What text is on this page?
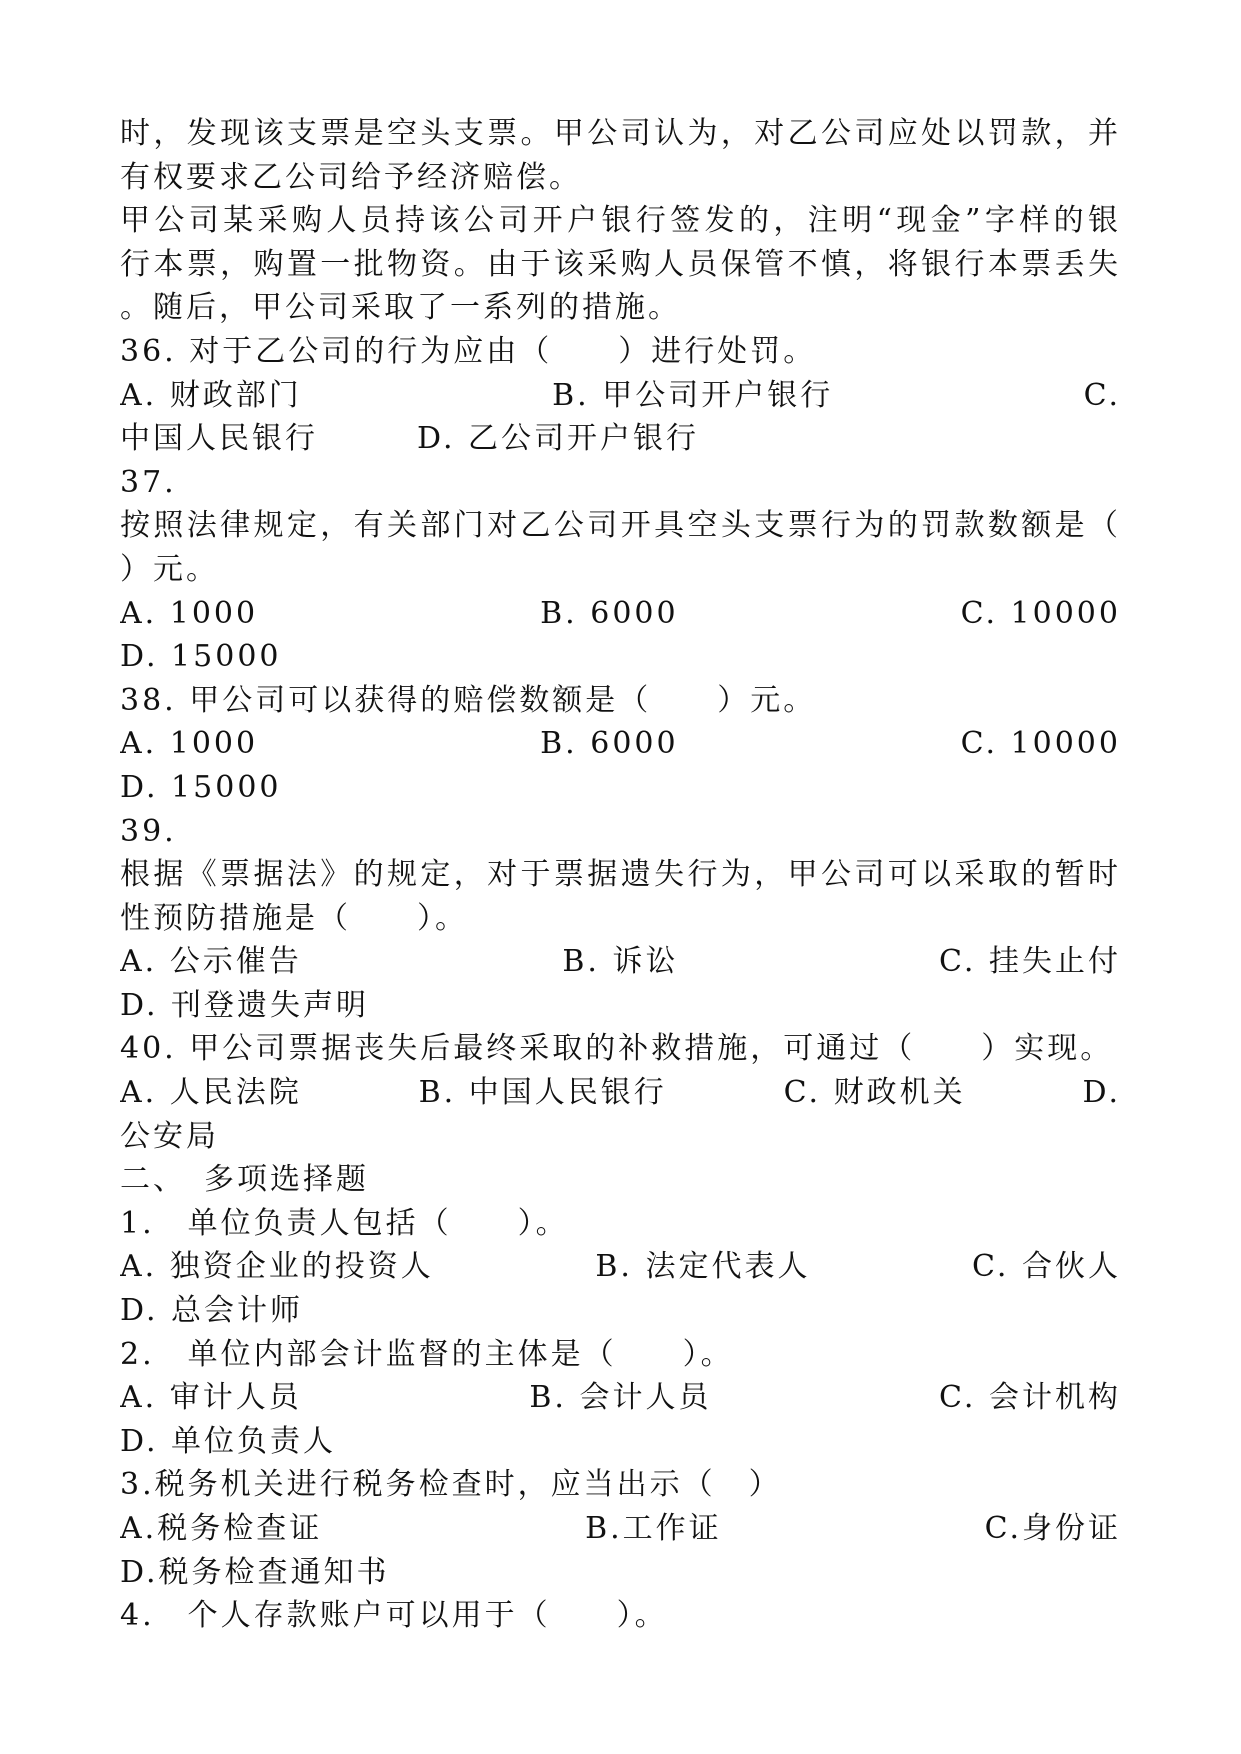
时，发现该支票是空头支票。甲公司认为，对乙公司应处以罚款，并
有权要求乙公司给予经济赔偿。
甲公司某采购人员持该公司开户银行签发的，注明“现金”字样的银
行本票，购置一批物资。由于该采购人员保管不慎，将银行本票丢失
。随后，甲公司采取了一系列的措施。
36. 对于乙公司的行为应由（　　）进行处罚。
A. 财政部门	B. 甲公司开户银行	C.
中国人民银行　　　D. 乙公司开户银行
37.
按照法律规定，有关部门对乙公司开具空头支票行为的罚款数额是（
）元。
A. 1000	B. 6000	C. 10000
D. 15000
38. 甲公司可以获得的赔偿数额是（　　）元。
A. 1000	B. 6000	C. 10000
D. 15000
39.
根据《票据法》的规定，对于票据遗失行为，甲公司可以采取的暂时
性预防措施是（　　）。
A. 公示催告	B. 诉讼	C. 挂失止付
D. 刊登遗失声明
40. 甲公司票据丧失后最终采取的补救措施，可通过（　　）实现。
A. 人民法院	B. 中国人民银行	C. 财政机关	D.
公安局
二、　多项选择题
1.　单位负责人包括（　　）。
A. 独资企业的投资人	B. 法定代表人	C. 合伙人
D. 总会计师
2.　单位内部会计监督的主体是（　　）。
A. 审计人员	B. 会计人员	C. 会计机构
D. 单位负责人
3.税务机关进行税务检查时，应当出示（　）
A.税务检查证	B.工作证	C.身份证
D.税务检查通知书
4.　个人存款账户可以用于（　　）。
